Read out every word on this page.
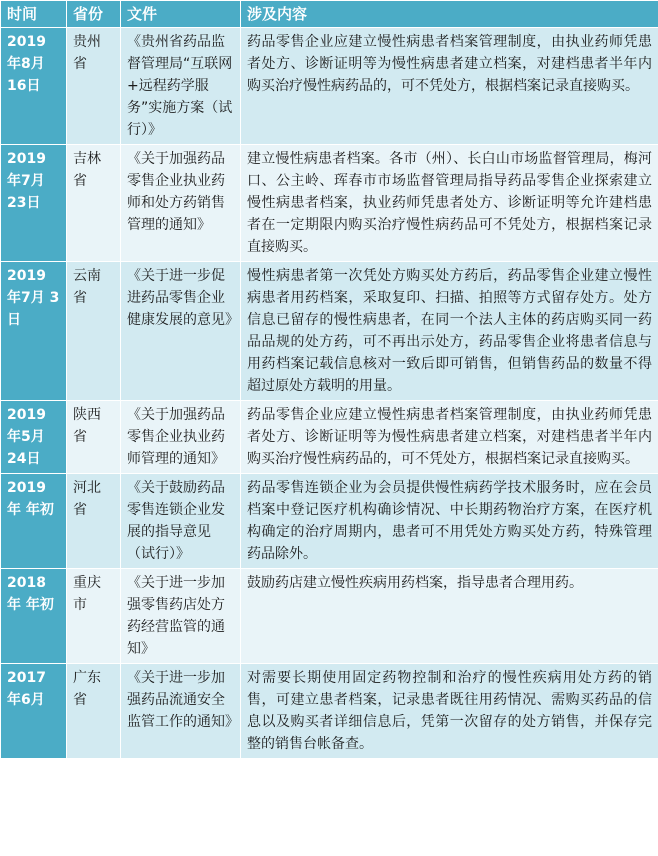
时间	省份	文件	涉及内容
2019 年8月 16日	贵州省	《贵州省药品监督管理局“互联网+远程药学服务”实施方案（试行）》	药品零售企业应建立慢性病患者档案管理制度，由执业药师凭患者处方、诊断证明等为慢性病患者建立档案，对建档患者半年内购买治疗慢性病药品的，可不凭处方，根据档案记录直接购买。
2019 年7月 23日	吉林省	《关于加强药品零售企业执业药师和处方药销售管理的通知》	建立慢性病患者档案。各市（州）、长白山市场监督管理局，梅河口、公主岭、珲春市市场监督管理局指导药品零售企业探索建立慢性病患者档案，执业药师凭患者处方、诊断证明等允许建档患者在一定期限内购买治疗慢性病药品可不凭处方，根据档案记录直接购买。
2019 年7月 3日	云南省	《关于进一步促进药品零售企业健康发展的意见》	慢性病患者第一次凭处方购买处方药后，药品零售企业建立慢性病患者用药档案，采取复印、扫描、拍照等方式留存处方。处方信息已留存的慢性病患者，在同一个法人主体的药店购买同一药品品规的处方药，可不再出示处方，药品零售企业将患者信息与用药档案记载信息核对一致后即可销售，但销售药品的数量不得超过原处方载明的用量。
2019 年5月 24日	陕西省	《关于加强药品零售企业执业药师管理的通知》	药品零售企业应建立慢性病患者档案管理制度，由执业药师凭患者处方、诊断证明等为慢性病患者建立档案，对建档患者半年内购买治疗慢性病药品的，可不凭处方，根据档案记录直接购买。
2019 年 年初	河北省	《关于鼓励药品零售连锁企业发展的指导意见（试行）》	药品零售连锁企业为会员提供慢性病药学技术服务时，应在会员档案中登记医疗机构确诊情况、中长期药物治疗方案，在医疗机构确定的治疗周期内，患者可不用凭处方购买处方药，特殊管理药品除外。
2018 年 年初	重庆市	《关于进一步加强零售药店处方药经营监管的通知》	鼓励药店建立慢性疾病用药档案，指导患者合理用药。
2017 年6月	广东省	《关于进一步加强药品流通安全监管工作的通知》	对需要长期使用固定药物控制和治疗的慢性疾病用处方药的销售，可建立患者档案，记录患者既往用药情况、需购买药品的信息以及购买者详细信息后，凭第一次留存的处方销售，并保存完整的销售台帐备查。
